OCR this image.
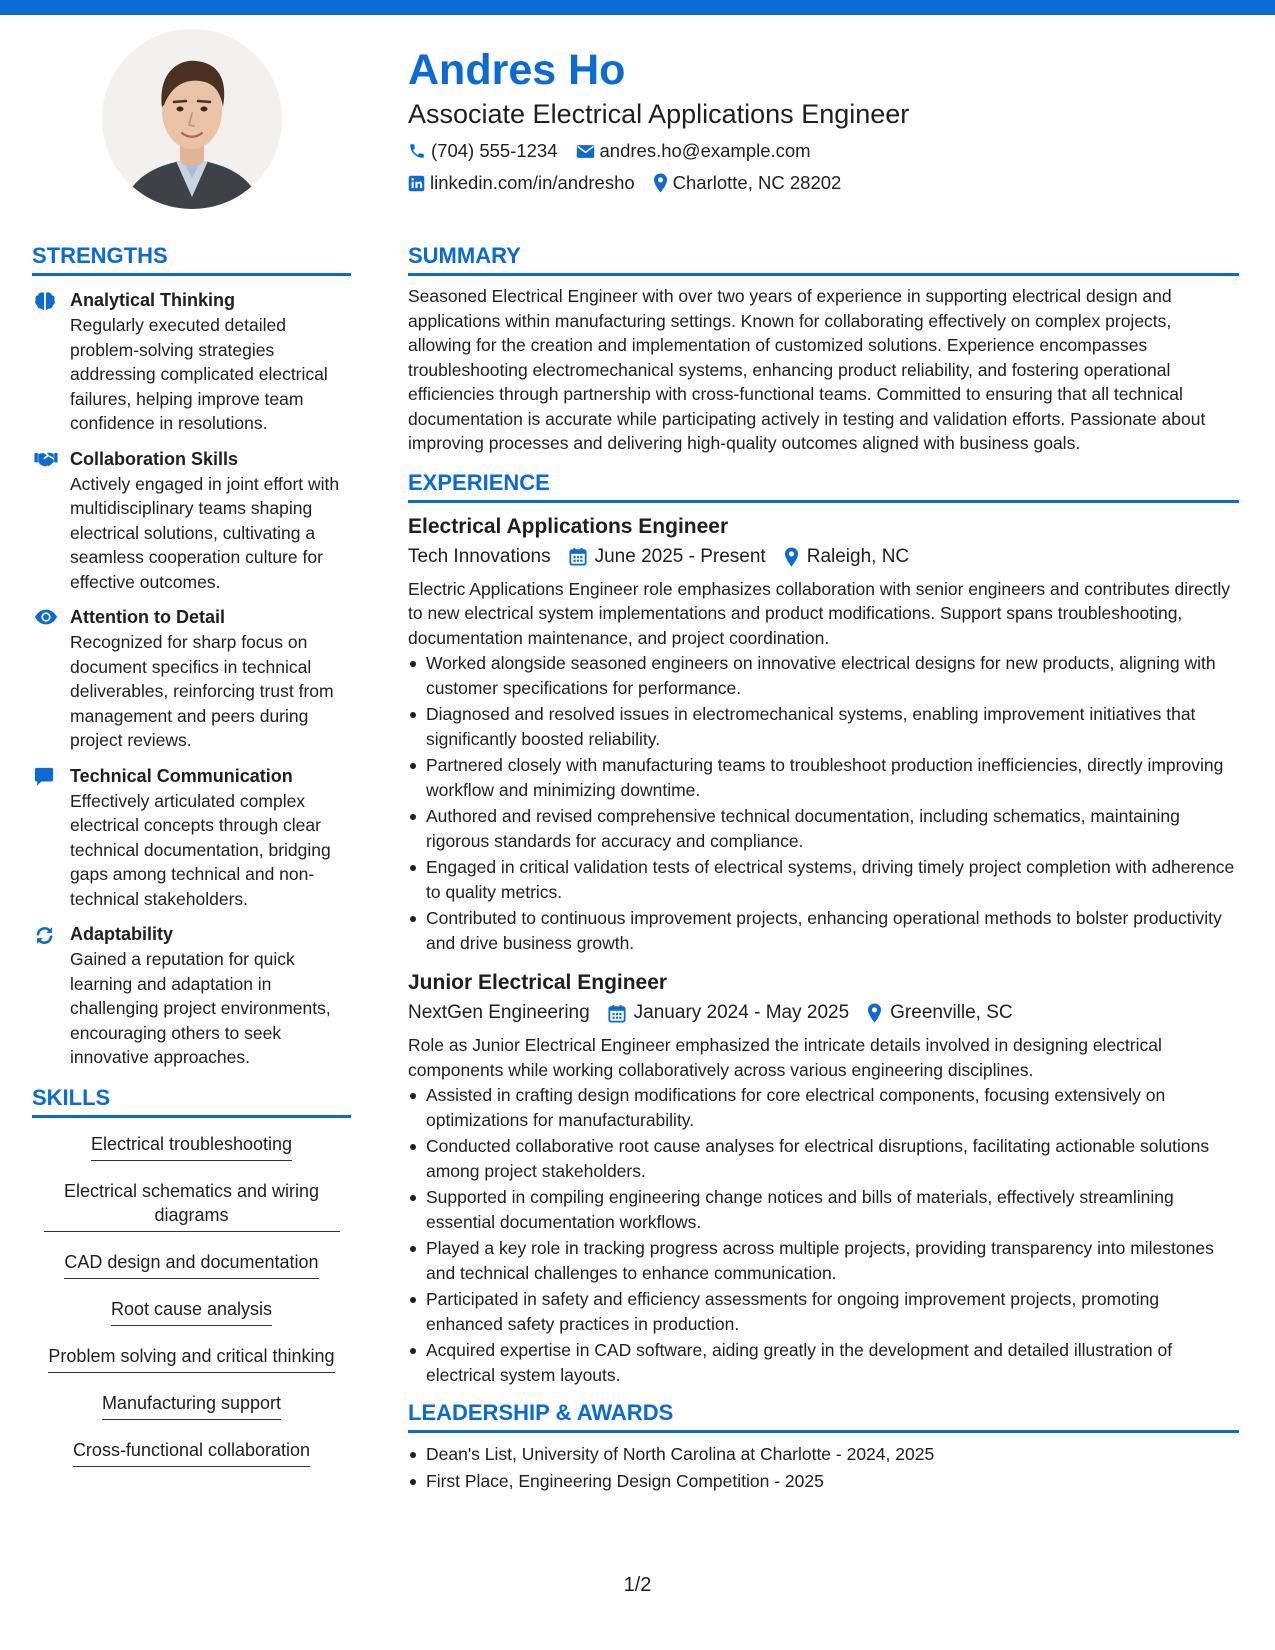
Andres Ho
Associate Electrical Applications Engineer
(704) 555-1234 andres.ho@example.com
linkedin.com/in/andresho Charlotte, NC 28202
STRENGTHS
Analytical Thinking
Regularly executed detailed problem-solving strategies addressing complicated electrical failures, helping improve team confidence in resolutions.
Collaboration Skills
Actively engaged in joint effort with multidisciplinary teams shaping electrical solutions, cultivating a seamless cooperation culture for effective outcomes.
Attention to Detail
Recognized for sharp focus on document specifics in technical deliverables, reinforcing trust from management and peers during project reviews.
Technical Communication
Effectively articulated complex electrical concepts through clear technical documentation, bridging gaps among technical and non-technical stakeholders.
Adaptability
Gained a reputation for quick learning and adaptation in challenging project environments, encouraging others to seek innovative approaches.
SKILLS
Electrical troubleshooting
Electrical schematics and wiring diagrams
CAD design and documentation
Root cause analysis
Problem solving and critical thinking
Manufacturing support
Cross-functional collaboration
SUMMARY
Seasoned Electrical Engineer with over two years of experience in supporting electrical design and applications within manufacturing settings. Known for collaborating effectively on complex projects, allowing for the creation and implementation of customized solutions. Experience encompasses troubleshooting electromechanical systems, enhancing product reliability, and fostering operational efficiencies through partnership with cross-functional teams. Committed to ensuring that all technical documentation is accurate while participating actively in testing and validation efforts. Passionate about improving processes and delivering high-quality outcomes aligned with business goals.
EXPERIENCE
Electrical Applications Engineer
Tech Innovations June 2025 - Present Raleigh, NC
Electric Applications Engineer role emphasizes collaboration with senior engineers and contributes directly to new electrical system implementations and product modifications. Support spans troubleshooting, documentation maintenance, and project coordination.
Worked alongside seasoned engineers on innovative electrical designs for new products, aligning with customer specifications for performance.
Diagnosed and resolved issues in electromechanical systems, enabling improvement initiatives that significantly boosted reliability.
Partnered closely with manufacturing teams to troubleshoot production inefficiencies, directly improving workflow and minimizing downtime.
Authored and revised comprehensive technical documentation, including schematics, maintaining rigorous standards for accuracy and compliance.
Engaged in critical validation tests of electrical systems, driving timely project completion with adherence to quality metrics.
Contributed to continuous improvement projects, enhancing operational methods to bolster productivity and drive business growth.
Junior Electrical Engineer
NextGen Engineering January 2024 - May 2025 Greenville, SC
Role as Junior Electrical Engineer emphasized the intricate details involved in designing electrical components while working collaboratively across various engineering disciplines.
Assisted in crafting design modifications for core electrical components, focusing extensively on optimizations for manufacturability.
Conducted collaborative root cause analyses for electrical disruptions, facilitating actionable solutions among project stakeholders.
Supported in compiling engineering change notices and bills of materials, effectively streamlining essential documentation workflows.
Played a key role in tracking progress across multiple projects, providing transparency into milestones and technical challenges to enhance communication.
Participated in safety and efficiency assessments for ongoing improvement projects, promoting enhanced safety practices in production.
Acquired expertise in CAD software, aiding greatly in the development and detailed illustration of electrical system layouts.
LEADERSHIP & AWARDS
Dean's List, University of North Carolina at Charlotte - 2024, 2025
First Place, Engineering Design Competition - 2025
1/2
